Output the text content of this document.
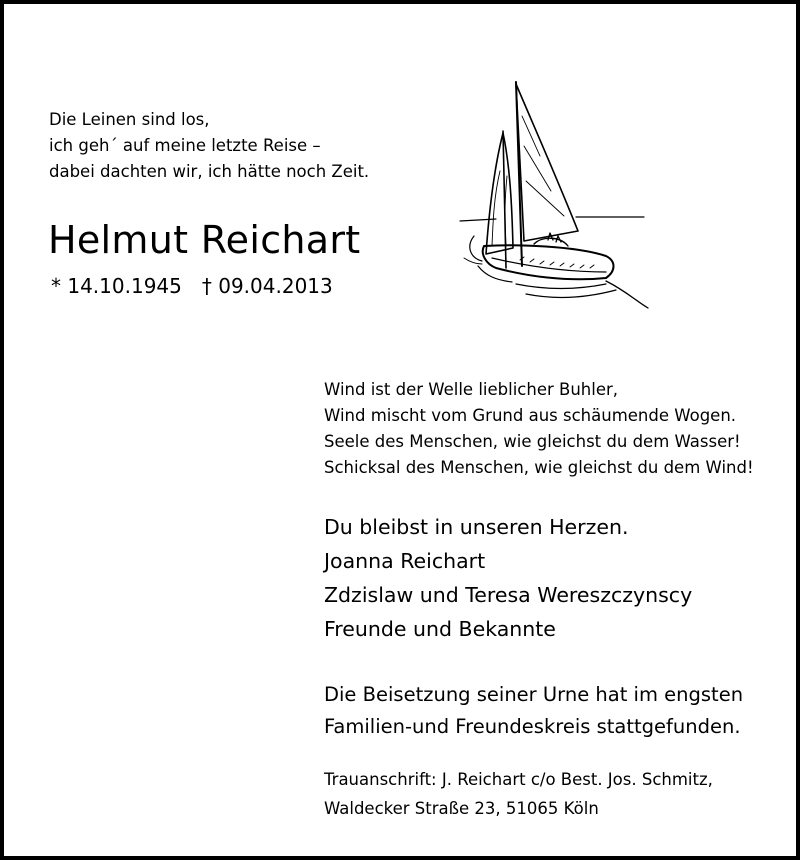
Die Leinen sind los,
ich geh´ auf meine letzte Reise –
dabei dachten wir, ich hätte noch Zeit.
Helmut Reichart
* 14.10.1945 † 09.04.2013
Wind ist der Welle lieblicher Buhler,
Wind mischt vom Grund aus schäumende Wogen.
Seele des Menschen, wie gleichst du dem Wasser!
Schicksal des Menschen, wie gleichst du dem Wind!
Du bleibst in unseren Herzen.
Joanna Reichart
Zdzislaw und Teresa Wereszczynscy
Freunde und Bekannte
Die Beisetzung seiner Urne hat im engsten
Familien-und Freundeskreis stattgefunden.
Trauanschrift: J. Reichart c/o Best. Jos. Schmitz,
Waldecker Straße 23, 51065 Köln
